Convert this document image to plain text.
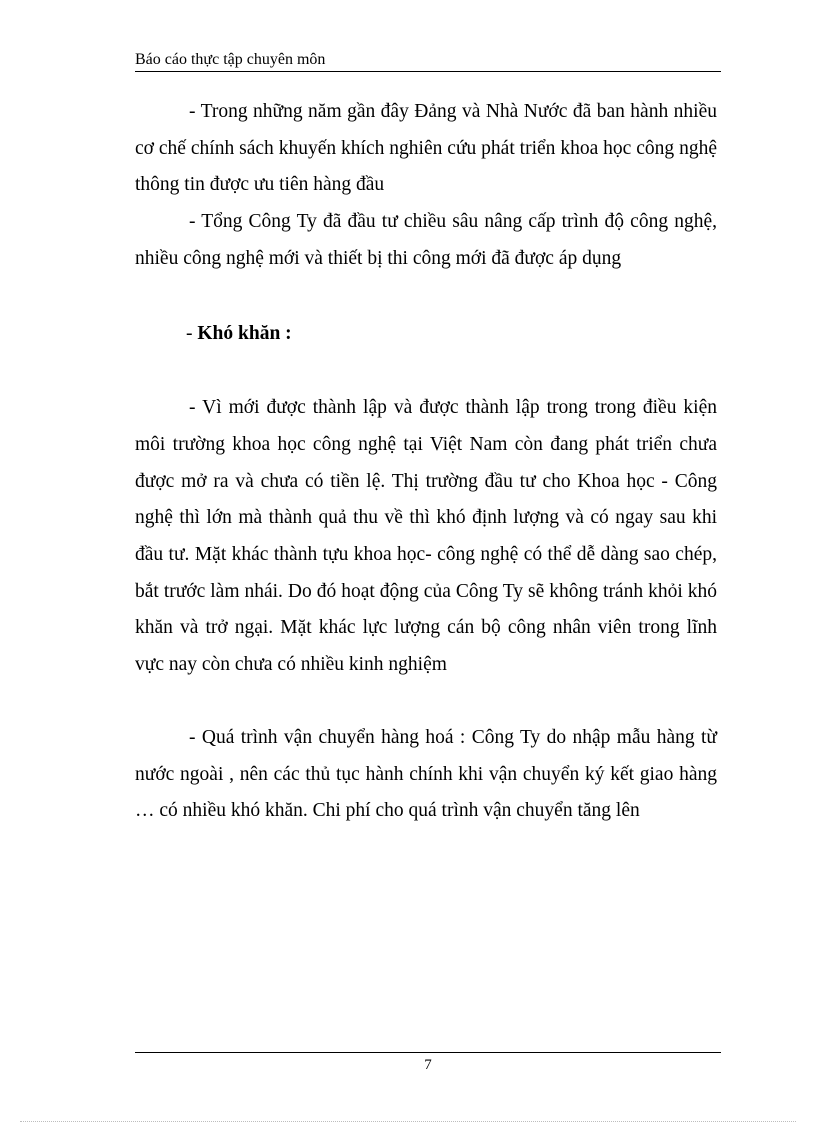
Báo cáo thực tập chuyên môn

- Trong những năm gần đây Đảng và Nhà Nước đã ban hành nhiều cơ chế chính sách khuyến khích nghiên cứu phát triển khoa học công nghệ thông tin được ưu tiên hàng đầu

- Tổng Công Ty đã đầu tư chiều sâu nâng cấp trình độ công nghệ, nhiều công nghệ mới và thiết bị thi công mới đã được áp dụng

- Khó khăn :

- Vì mới được thành lập và được thành lập trong trong điều kiện môi trường khoa học công nghệ tại Việt Nam còn đang phát triển chưa được mở ra và chưa có tiền lệ. Thị trường đầu tư cho Khoa học - Công nghệ thì lớn mà thành quả thu về thì khó định lượng và có ngay sau khi đầu tư. Mặt khác thành tựu khoa học- công nghệ có thể dễ dàng sao chép, bắt trước làm nhái. Do đó hoạt động của Công Ty sẽ không tránh khỏi khó khăn và trở ngại. Mặt khác lực lượng cán bộ công nhân viên trong lĩnh vực nay còn chưa có nhiều kinh nghiệm

- Quá trình vận chuyển hàng hoá : Công Ty do nhập mẫu hàng từ nước ngoài , nên các thủ tục hành chính khi vận chuyển ký kết giao hàng … có nhiều khó khăn. Chi phí cho quá trình vận chuyển tăng lên

7
